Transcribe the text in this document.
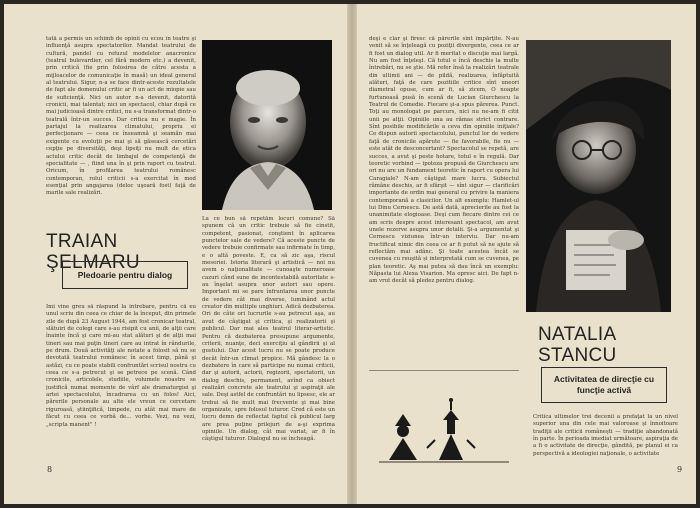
tată a permis un schimb de opinii cu ecou în teatre şi influenţă asupra spectatorilor. Mandat teatrului de cultură, pandel cu refuzul modelelor anacronice (teatrul bulevardier, cel fără modern etc.) a devenit, prin critică (fie prin folosirea de către acesta a mijloacelor de comunicaţie în masă) un ideal general al teatrului. Sigur, n-a se face dintr-aceste rezultatele de fapt ale domenului critic ar fi un act de miopie sau de suficienţă. Nici un autor n-a devenit, datorită cronicii, mai talentat; nici un spectacol, chiar după ce mai judicioasă dintre critici, nu s-a transformat dintr-o teatrală într-un succes. Dar critica nu e magie. În partajul la realizarea climatului, propriu ei perfecţionare — ceea ce înseamnă şi seamăn mai exigente cu evoluţii pe mai şi să găsească cercetări cepţie pe diversităţi, deşi lipsiţi nu mult de etica actului critic decât de limbajul de competenţă de specialitate — , fiind una în şi prin raport cu teatrul. Oricum, în profilarea teatrului românesc contemporan, rolul criticii s-a exercitat în mod esenţial prin angajarea (deloc uşoară fost) faţă de marile sale realizări.
TRAIAN
ŞELMARU
Pledoarie pentru dialog
Îmi vine greu să răspund la întrebare, pentru că eu unul scriu din ceea ce chiar de la început, din primele zile de după 23 August 1944, am fost cronicar teatral, slătuiri de colegi care s-au risipit cu anii, de alţii care înainte încă şi care mi-au stat alături şi de alţii mai tineri sau mai puţin tineri care au intrat în rândurile, pe drum. Două activităţi ale notate a folosit să nu se devotată teatrului românesc în acest timp, până şi astăzi, cu ce poate stabili confruntări scrisul nostru cu ceea ce s-a petrecut şi se petrece pe scenă. Când cronicile, articolele, studiile, volumele noastre se justifică numai momente de vârf ale dramaturgiei şi artei spectacolului, încadrarea cu un folos! Aici, părerile personale au alte ele vreun ce cercetare riguroasă, ştiinţifică, limpede, cu atât mai mare de făcut cu ceea ce vorbă de... vorbe. Vezi, nu vezi, „scripta manent" !
La ce bun să repetăm locuri comune? Să spunem că un critic trebuie să fie cinstit, competent, pasionat, conştient în aplicarea punctelor sale de vedere? Că aceste puncte de vedere trebuie confirmate sau infirmate în timp, e o altă poveste. E, ca să zic aşa, riscul meseriei. Istoria literară şi artistică — noi nu avem o naţionalitate — cunoaşte numeroase cazuri când sune de incontestabilă autoritate s-au înşelat asupra unor autori sau opere. Important mi se pare înfruntarea unor puncte de vedere cât mai diverse, luminând actul creator din multiple unghiuri. Adică dezbaterea. Ori de câte ori lucrurile s-au petrecut aşa, au avut de câştigat şi critica, şi realizatorii şi publicul. Dar mai ales teatrul literar-artistic. Pentru că dezbaterea presupune argumente, criterii, nuanţe, deci exerciţiu al gândirii şi al gustului. Dar acest lucru nu se poate produce decât într-un climat propice. Mă gândesc la o dezbatere în care să participe nu numai criticii, dar şi autorii, actorii, regizorii, spectatorii, un dialog deschis, permanent, avînd ca obiect realizări concrete ale teatrului şi aspiraţii ale sale. Deşi astfel de confruntări nu lipsesc, ele ar trebui să fie mult mai frecvente şi mai bine organizate, spre folosul tuturor. Cred că este un lucru demn de reflectat faptul că publicul larg are prea puţine prilejuri de a-şi exprima opiniile. Un dialog, cât mai variat, ar fi în câştigul tuturor. Dialogul nu se încheagă.
8
deşi e clar şi firesc că părerile sînt împărţite. N-au venit să se înţeleagă cu poziţii divergente, ceea ce ar fi fost un dialog util. Ar fi meritat o discuţie mai largă. Nu am fost înţeleşi. Că totul e încă deschis la multe întrebări, nu se ştie. Mă refer însă la realizări teatrale din ultimii ani — de pildă, realizarea, înfăptuită alături, faţă de care pozitiile critice sînt uneori diametral opuse, cum ar fi, să zicem, O noapte furtunoasă pusă în scenă de Lucian Giurchescu la Teatrul de Comedie. Fiecare şi-a spus părerea. Punct. Toţi au monologat pe parcurs, nici nu ne-am fi citit unii pe alţii. Opiniile una au rămas strict contrare. Sînt posibile modificările a ceva din opiniile iniţiale? Ce dispun autorii spectacolului, punctul lor de vedere faţă de cronicile apărute — fie favorabile, fie nu — este atât de desconcertant? Spectacolul se repetă, are succes, a avut şi peste hotare, totul e în regulă. Dar teoretic vorbind — ipoteza propusă de Giurchescu are ori nu are un fundament teoretic în raport cu opera lui Caragiale? N-am câştigat mare lucru. Subiectul rămâne deschis, ar fi sfârşit — sînt sigur — clarificări importante de ordin mai general cu privire la maniera contemporană a clasicilor. Un alt exemplu: Hamlet-ul lui Dinu Cernescu. De astă dată, aprecierile au fost la unanimitate elogioase. Deşi cum fiecare dintre cei ce am scris despre acest interesant spectacol, am avut unele rezerve asupra unor detalii. Şi-a argumentat şi Cernescu viziunea într-un interviu. Dar nu-am fructificat nimic din ceea ce ar fi putut să ne ajute să reflectăm mai adânc. Şi toate acestea încât se cuvenea cu reuşită și interpretată cum se cuvenea, pe plan teoretic. Aş mai putea să dau încă un exemplu: Năpasta lui Alexa Visarion. Ma opresc aici. De fapt n-am vrut decât să pledez pentru dialog.
NATALIA
STANCU
Activitatea de direcţie cu funcţie activă
Critica ultimelor trei decenii a prefaţat la un nivel superior una din cele mai valoroase şi înnoitoare tradiţii ale criticii româneşti — tradiţie abandonată în parte. În perioada imediat următoare, aspiraţia de a fi o activitate de direcţie, gândită, pe planul ei ca perspectivă a ideologiei naţionale, o activitate
9
